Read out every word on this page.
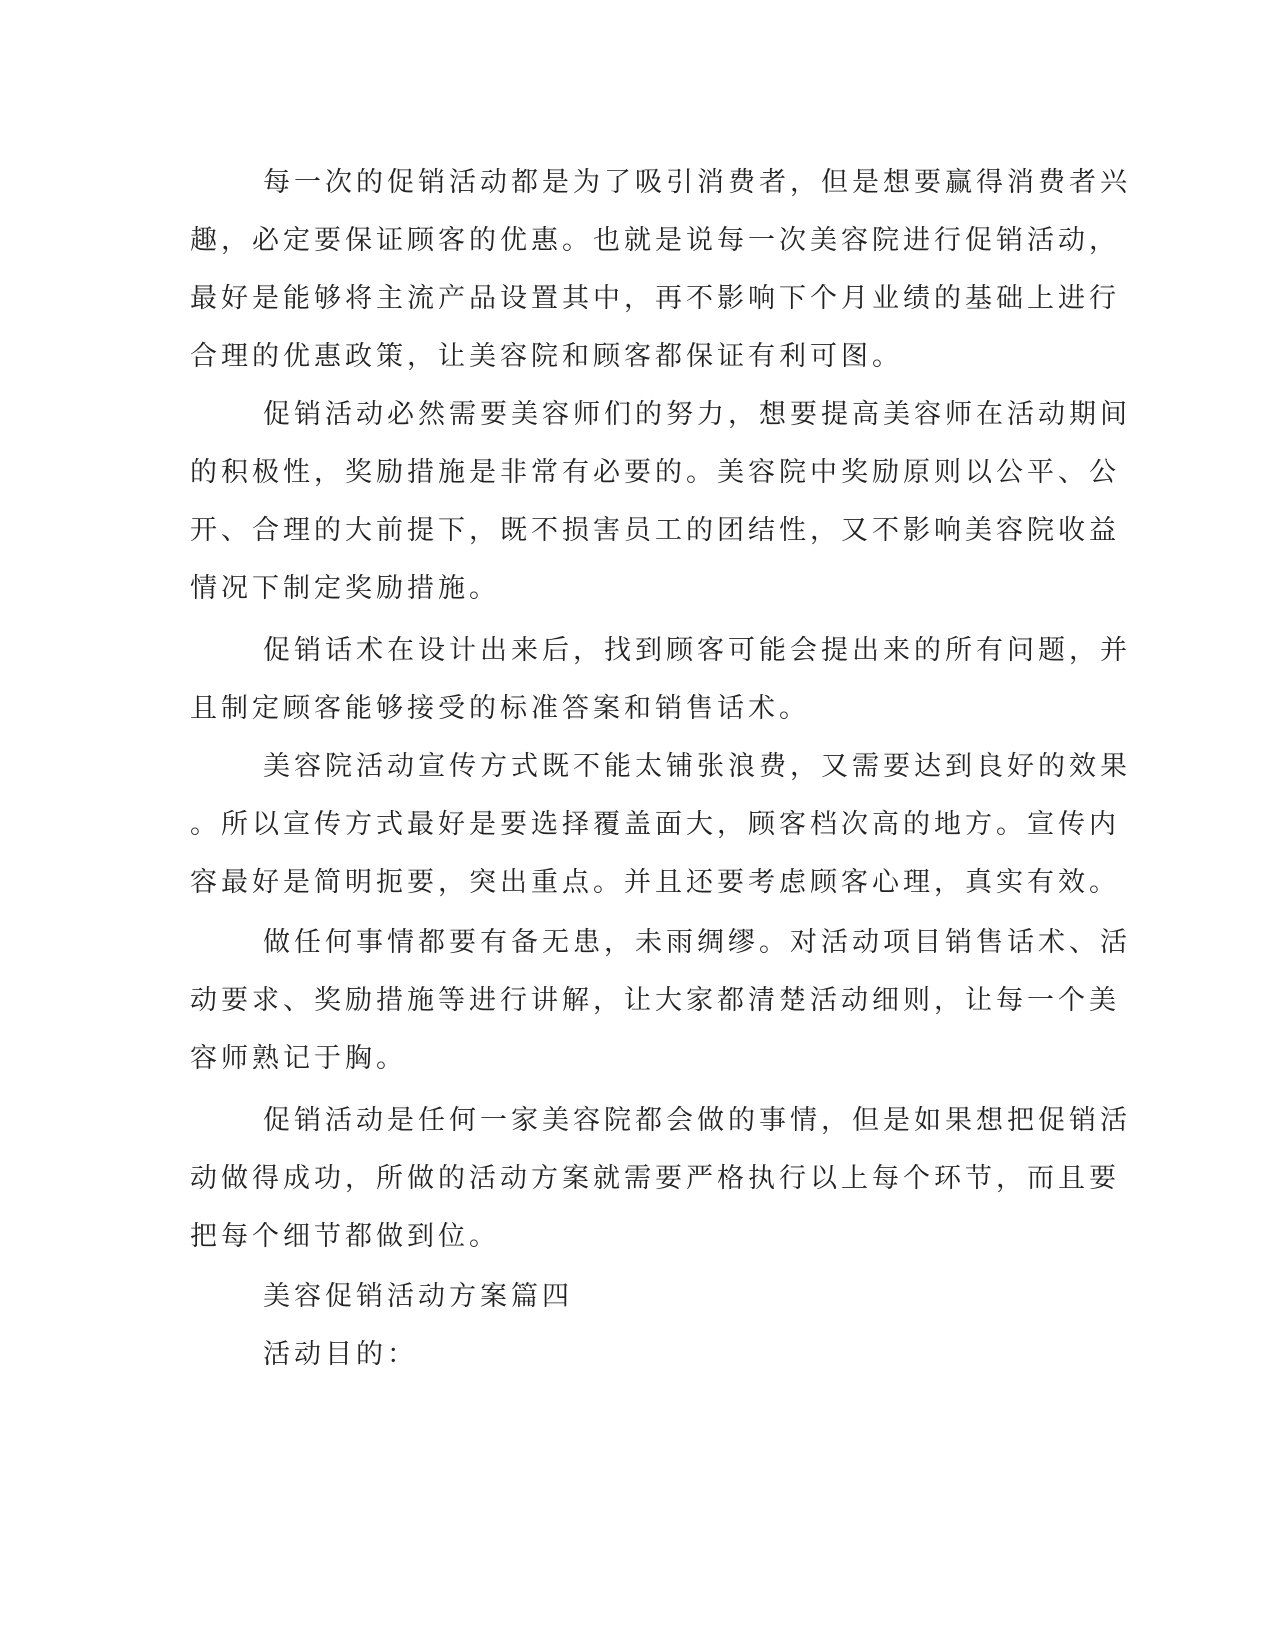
每一次的促销活动都是为了吸引消费者，但是想要赢得消费者兴
趣，必定要保证顾客的优惠。也就是说每一次美容院进行促销活动，
最好是能够将主流产品设置其中，再不影响下个月业绩的基础上进行
合理的优惠政策，让美容院和顾客都保证有利可图。
促销活动必然需要美容师们的努力，想要提高美容师在活动期间
的积极性，奖励措施是非常有必要的。美容院中奖励原则以公平、公
开、合理的大前提下，既不损害员工的团结性，又不影响美容院收益
情况下制定奖励措施。
促销话术在设计出来后，找到顾客可能会提出来的所有问题，并
且制定顾客能够接受的标准答案和销售话术。
美容院活动宣传方式既不能太铺张浪费，又需要达到良好的效果
。所以宣传方式最好是要选择覆盖面大，顾客档次高的地方。宣传内
容最好是简明扼要，突出重点。并且还要考虑顾客心理，真实有效。
做任何事情都要有备无患，未雨绸缪。对活动项目销售话术、活
动要求、奖励措施等进行讲解，让大家都清楚活动细则，让每一个美
容师熟记于胸。
促销活动是任何一家美容院都会做的事情，但是如果想把促销活
动做得成功，所做的活动方案就需要严格执行以上每个环节，而且要
把每个细节都做到位。
美容促销活动方案篇四
活动目的：
